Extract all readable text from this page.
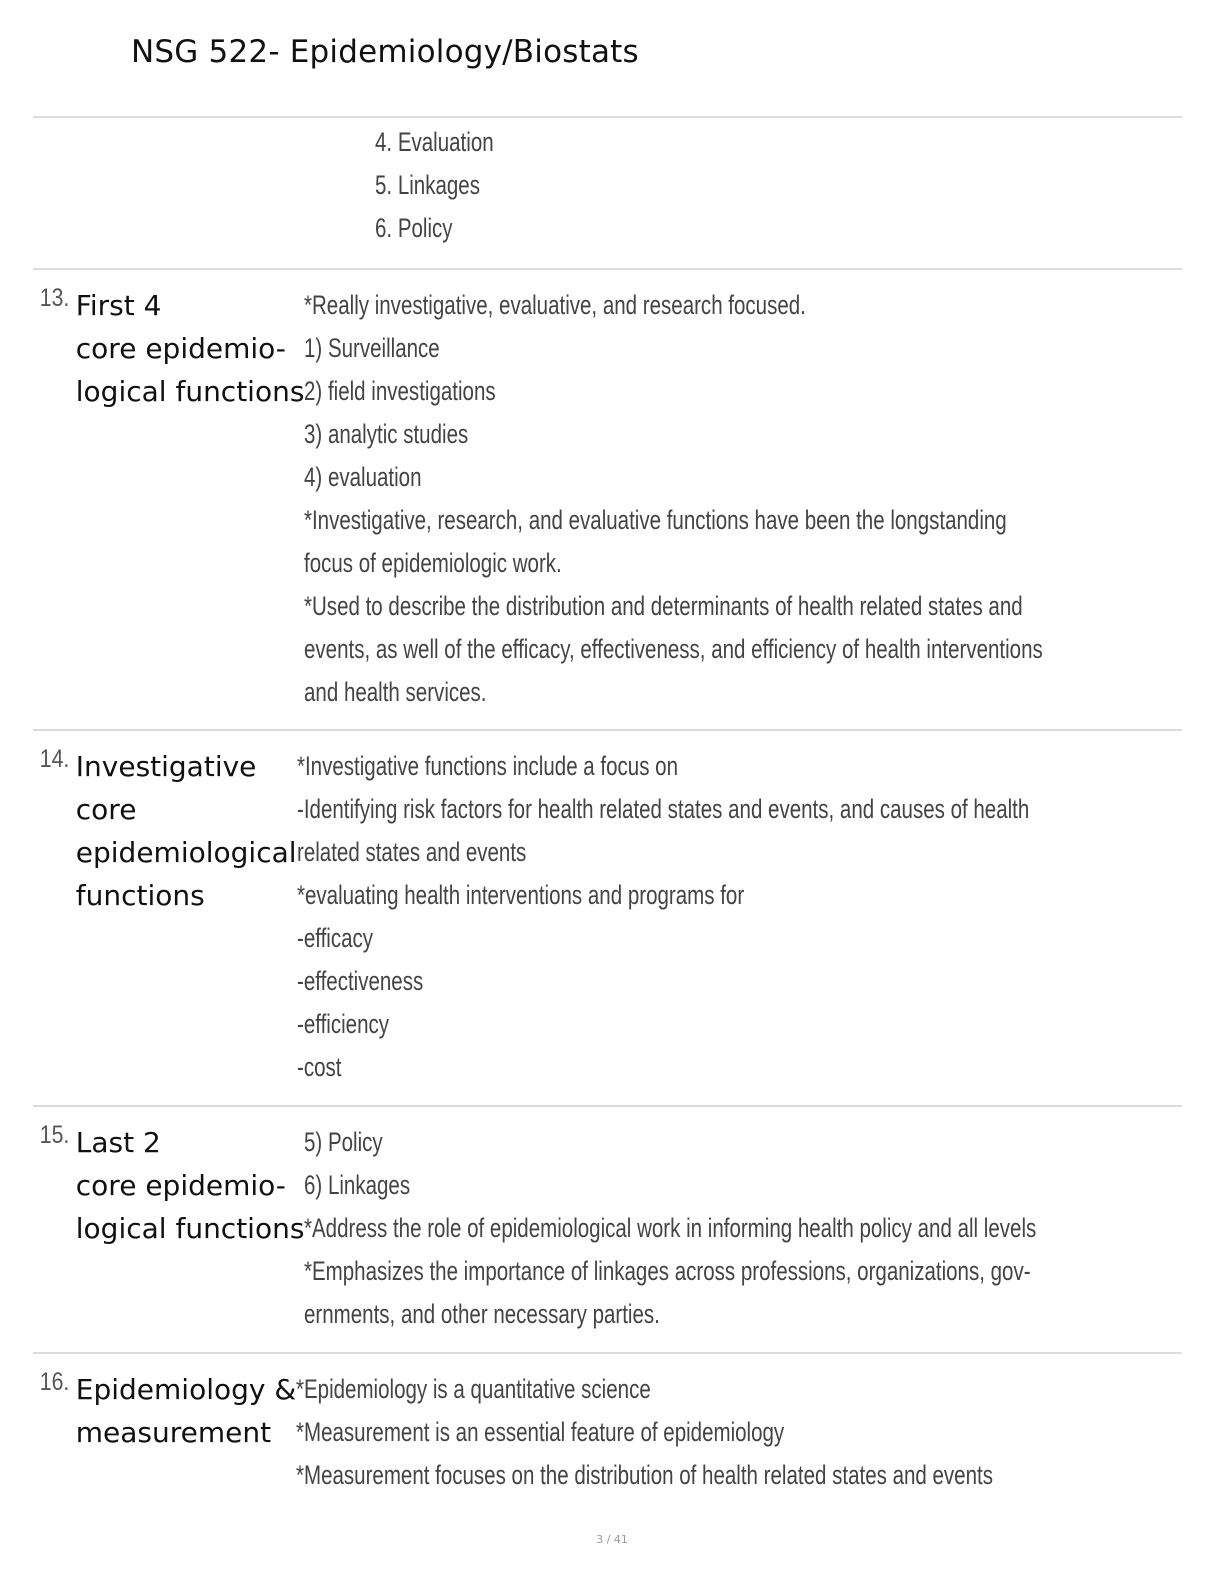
NSG 522- Epidemiology/Biostats
4. Evaluation
5. Linkages
6. Policy
13. First 4
core epidemio-
logical functions
*Really investigative, evaluative, and research focused.
1) Surveillance
2) field investigations
3) analytic studies
4) evaluation
*Investigative, research, and evaluative functions have been the longstanding
focus of epidemiologic work.
*Used to describe the distribution and determinants of health related states and
events, as well of the efficacy, effectiveness, and efficiency of health interventions
and health services.
14. Investigative
core
epidemiological
functions
*Investigative functions include a focus on
-Identifying risk factors for health related states and events, and causes of health
related states and events
*evaluating health interventions and programs for
-efficacy
-effectiveness
-efficiency
-cost
15. Last 2
core epidemio-
logical functions
5) Policy
6) Linkages
*Address the role of epidemiological work in informing health policy and all levels
*Emphasizes the importance of linkages across professions, organizations, gov-
ernments, and other necessary parties.
16. Epidemiology &
measurement
*Epidemiology is a quantitative science
*Measurement is an essential feature of epidemiology
*Measurement focuses on the distribution of health related states and events
3 / 41
